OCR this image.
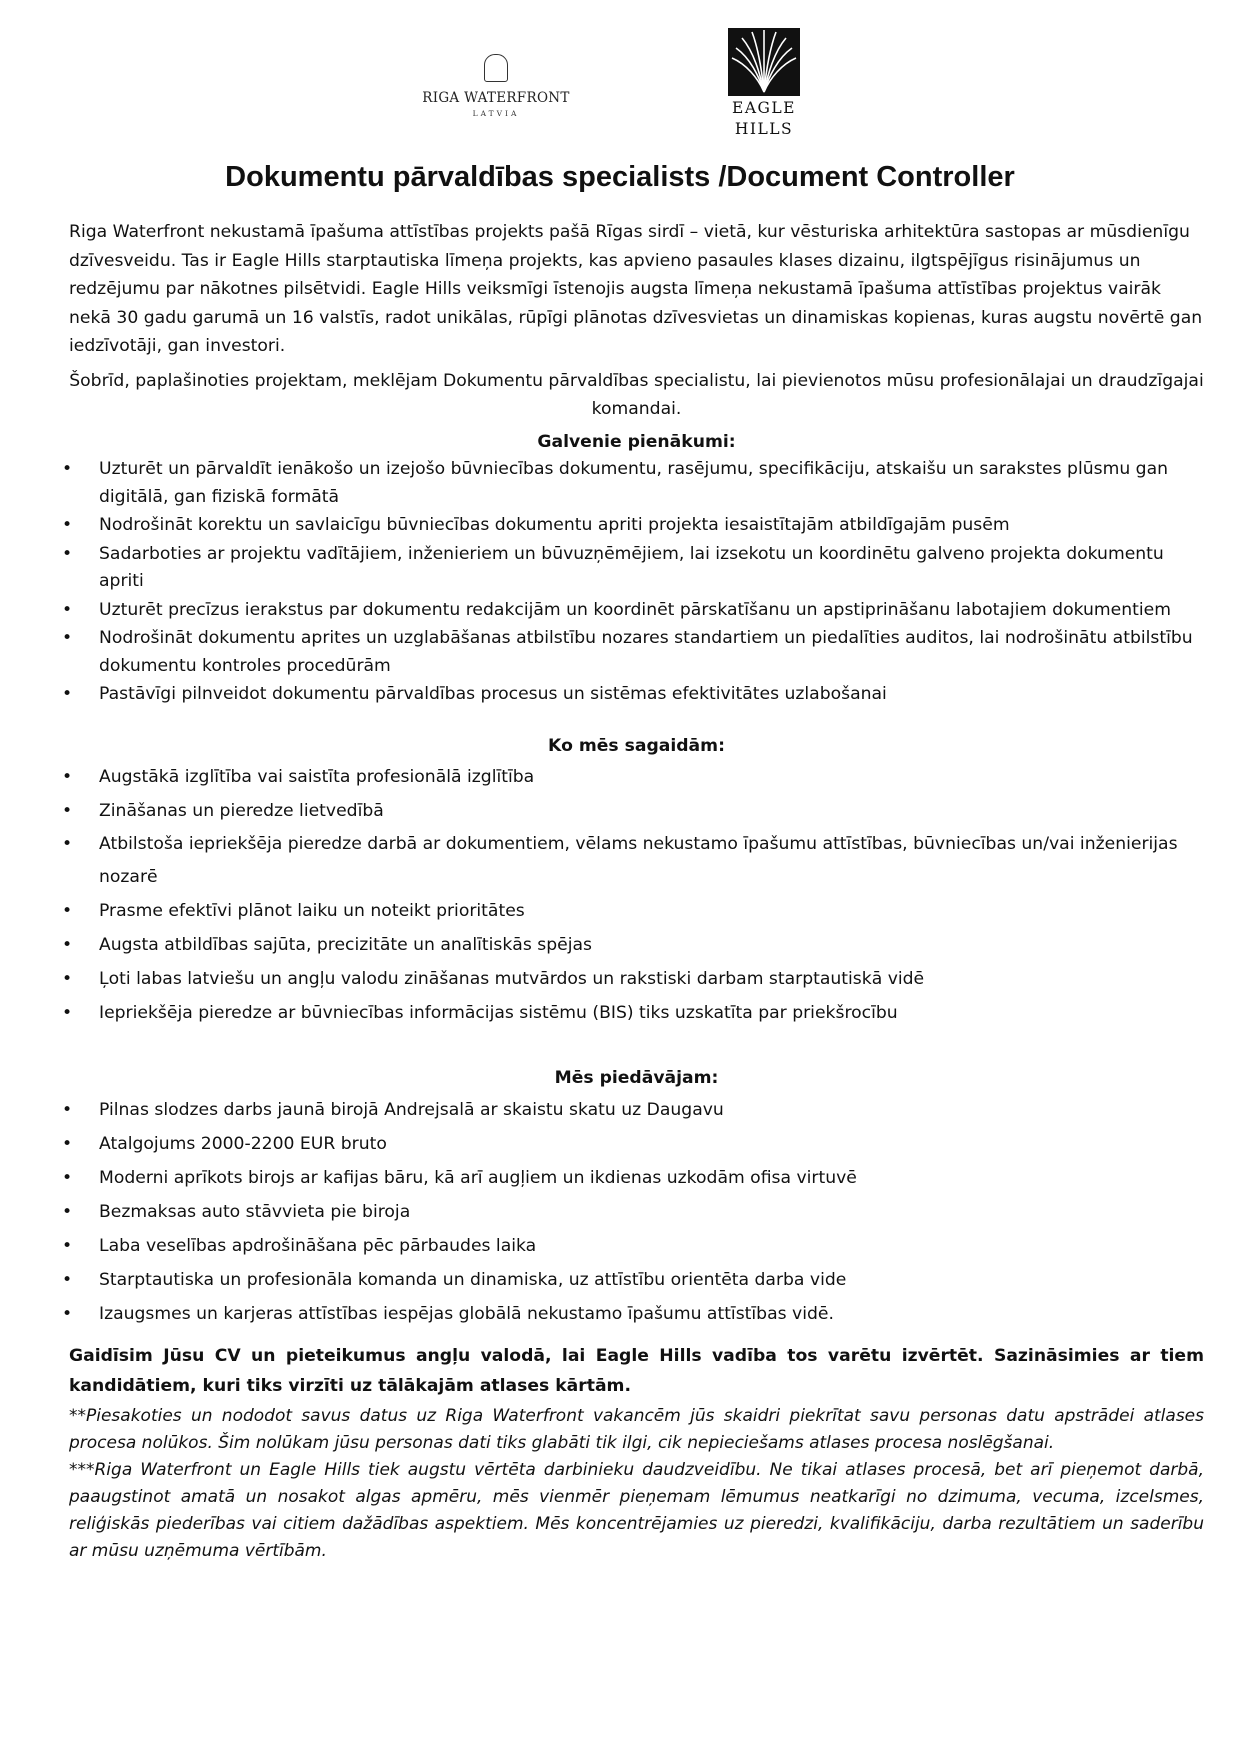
RIGA WATERFRONT
LATVIA	EAGLE
HILLS
Dokumentu pārvaldības specialists /Document Controller

Riga Waterfront nekustamā īpašuma attīstības projekts pašā Rīgas sirdī – vietā, kur vēsturiska arhitektūra sastopas ar mūsdienīgu dzīvesveidu. Tas ir Eagle Hills starptautiska līmeņa projekts, kas apvieno pasaules klases dizainu, ilgtspējīgus risinājumus un redzējumu par nākotnes pilsētvidi. Eagle Hills veiksmīgi īstenojis augsta līmeņa nekustamā īpašuma attīstības projektus vairāk nekā 30 gadu garumā un 16 valstīs, radot unikālas, rūpīgi plānotas dzīvesvietas un dinamiskas kopienas, kuras augstu novērtē gan iedzīvotāji, gan investori.

Šobrīd, paplašinoties projektam, meklējam Dokumentu pārvaldības specialistu, lai pievienotos mūsu profesionālajai un draudzīgajai komandai.

Galvenie pienākumi:

• Uzturēt un pārvaldīt ienākošo un izejošo būvniecības dokumentu, rasējumu, specifikāciju, atskaišu un sarakstes plūsmu gan digitālā, gan fiziskā formātā
• Nodrošināt korektu un savlaicīgu būvniecības dokumentu apriti projekta iesaistītajām atbildīgajām pusēm
• Sadarboties ar projektu vadītājiem, inženieriem un būvuzņēmējiem, lai izsekotu un koordinētu galveno projekta dokumentu apriti
• Uzturēt precīzus ierakstus par dokumentu redakcijām un koordinēt pārskatīšanu un apstiprināšanu labotajiem dokumentiem
• Nodrošināt dokumentu aprites un uzglabāšanas atbilstību nozares standartiem un piedalīties auditos, lai nodrošinātu atbilstību dokumentu kontroles procedūrām
• Pastāvīgi pilnveidot dokumentu pārvaldības procesus un sistēmas efektivitātes uzlabošanai

Ko mēs sagaidām:

• Augstākā izglītība vai saistīta profesionālā izglītība
• Zināšanas un pieredze lietvedībā
• Atbilstoša iepriekšēja pieredze darbā ar dokumentiem, vēlams nekustamo īpašumu attīstības, būvniecības un/vai inženierijas nozarē
• Prasme efektīvi plānot laiku un noteikt prioritātes
• Augsta atbildības sajūta, precizitāte un analītiskās spējas
• Ļoti labas latviešu un angļu valodu zināšanas mutvārdos un rakstiski darbam starptautiskā vidē
• Iepriekšēja pieredze ar būvniecības informācijas sistēmu (BIS) tiks uzskatīta par priekšrocību

Mēs piedāvājam:

• Pilnas slodzes darbs jaunā birojā Andrejsalā ar skaistu skatu uz Daugavu
• Atalgojums 2000-2200 EUR bruto
• Moderni aprīkots birojs ar kafijas bāru, kā arī augļiem un ikdienas uzkodām ofisa virtuvē
• Bezmaksas auto stāvvieta pie biroja
• Laba veselības apdrošināšana pēc pārbaudes laika
• Starptautiska un profesionāla komanda un dinamiska, uz attīstību orientēta darba vide
• Izaugsmes un karjeras attīstības iespējas globālā nekustamo īpašumu attīstības vidē.

Gaidīsim Jūsu CV un pieteikumus angļu valodā, lai Eagle Hills vadība tos varētu izvērtēt. Sazināsimies ar tiem kandidātiem, kuri tiks virzīti uz tālākajām atlases kārtām.

**Piesakoties un nododot savus datus uz Riga Waterfront vakancēm jūs skaidri piekrītat savu personas datu apstrādei atlases procesa nolūkos. Šim nolūkam jūsu personas dati tiks glabāti tik ilgi, cik nepieciešams atlases procesa noslēgšanai.

***Riga Waterfront un Eagle Hills tiek augstu vērtēta darbinieku daudzveidību. Ne tikai atlases procesā, bet arī pieņemot darbā, paaugstinot amatā un nosakot algas apmēru, mēs vienmēr pieņemam lēmumus neatkarīgi no dzimuma, vecuma, izcelsmes, reliģiskās piederības vai citiem dažādības aspektiem. Mēs koncentrējamies uz pieredzi, kvalifikāciju, darba rezultātiem un saderību ar mūsu uzņēmuma vērtībām.
